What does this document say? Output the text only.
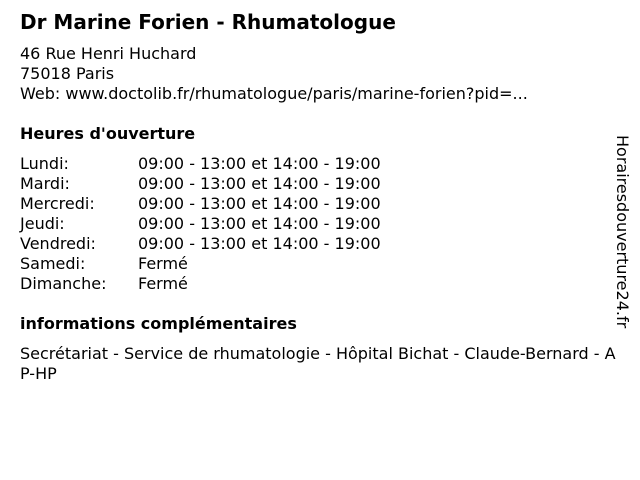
Dr Marine Forien - Rhumatologue
46 Rue Henri Huchard
75018 Paris
Web: www.doctolib.fr/rhumatologue/paris/marine-forien?pid=...
Heures d'ouverture
Lundi:	09:00 - 13:00 et 14:00 - 19:00
Mardi:	09:00 - 13:00 et 14:00 - 19:00
Mercredi:	09:00 - 13:00 et 14:00 - 19:00
Jeudi:	09:00 - 13:00 et 14:00 - 19:00
Vendredi:	09:00 - 13:00 et 14:00 - 19:00
Samedi:	Fermé
Dimanche:	Fermé
informations complémentaires
Secrétariat - Service de rhumatologie - Hôpital Bichat - Claude-Bernard - AP-HP
Horairesdouverture24.fr
